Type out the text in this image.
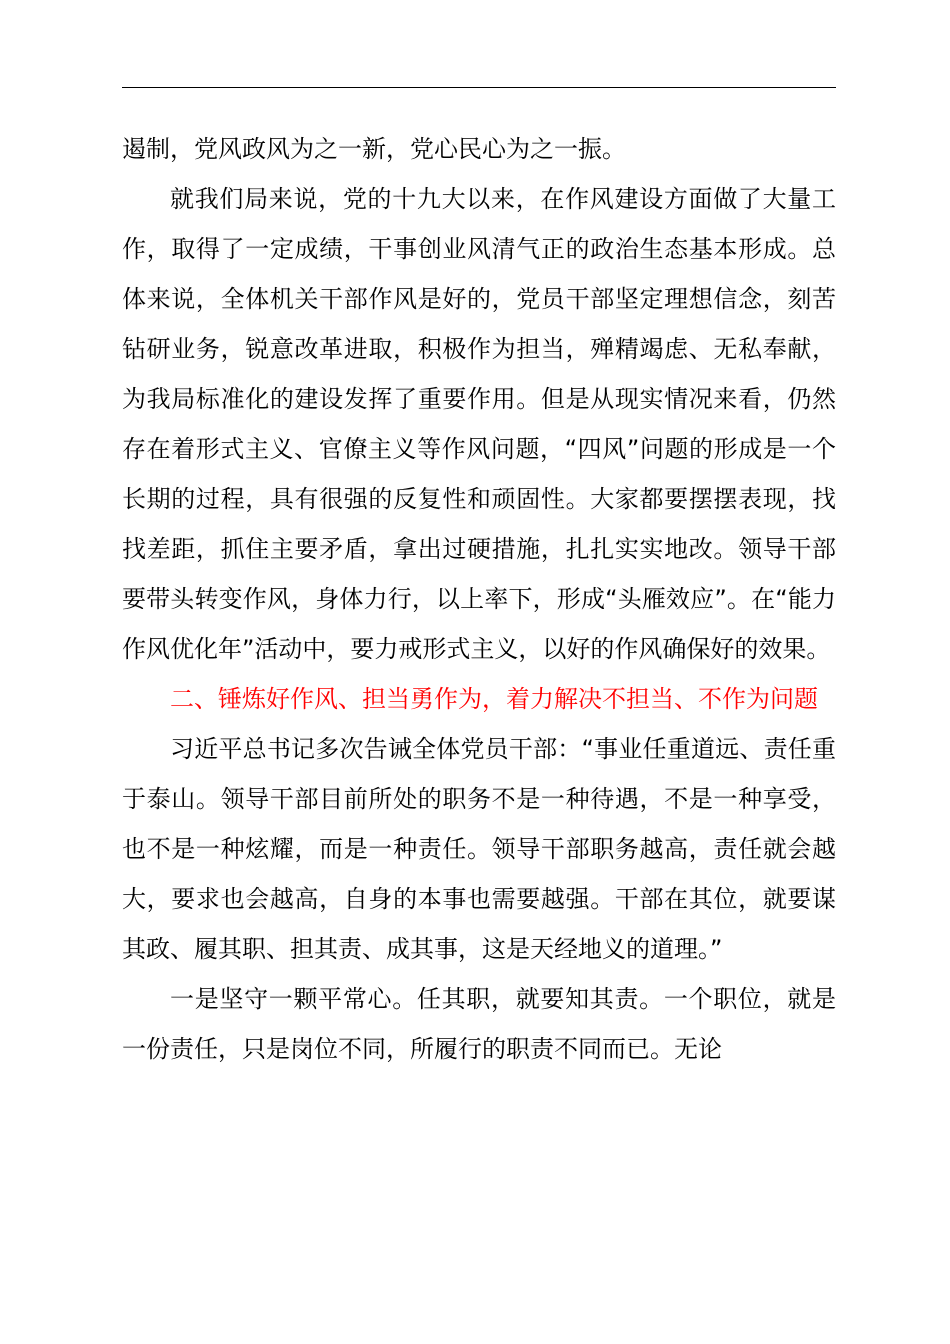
遏制，党风政风为之一新，党心民心为之一振。

就我们局来说，党的十九大以来，在作风建设方面做了大量工作，取得了一定成绩，干事创业风清气正的政治生态基本形成。总体来说，全体机关干部作风是好的，党员干部坚定理想信念，刻苦钻研业务，锐意改革进取，积极作为担当，殚精竭虑、无私奉献，为我局标准化的建设发挥了重要作用。但是从现实情况来看，仍然存在着形式主义、官僚主义等作风问题，“四风”问题的形成是一个长期的过程，具有很强的反复性和顽固性。大家都要摆摆表现，找找差距，抓住主要矛盾，拿出过硬措施，扎扎实实地改。领导干部要带头转变作风，身体力行，以上率下，形成“头雁效应”。在“能力作风优化年”活动中，要力戒形式主义，以好的作风确保好的效果。

二、锤炼好作风、担当勇作为，着力解决不担当、不作为问题

习近平总书记多次告诫全体党员干部：“事业任重道远、责任重于泰山。领导干部目前所处的职务不是一种待遇，不是一种享受，也不是一种炫耀，而是一种责任。领导干部职务越高，责任就会越大，要求也会越高，自身的本事也需要越强。干部在其位，就要谋其政、履其职、担其责、成其事，这是天经地义的道理。”

一是坚守一颗平常心。任其职，就要知其责。一个职位，就是一份责任，只是岗位不同，所履行的职责不同而已。无论
